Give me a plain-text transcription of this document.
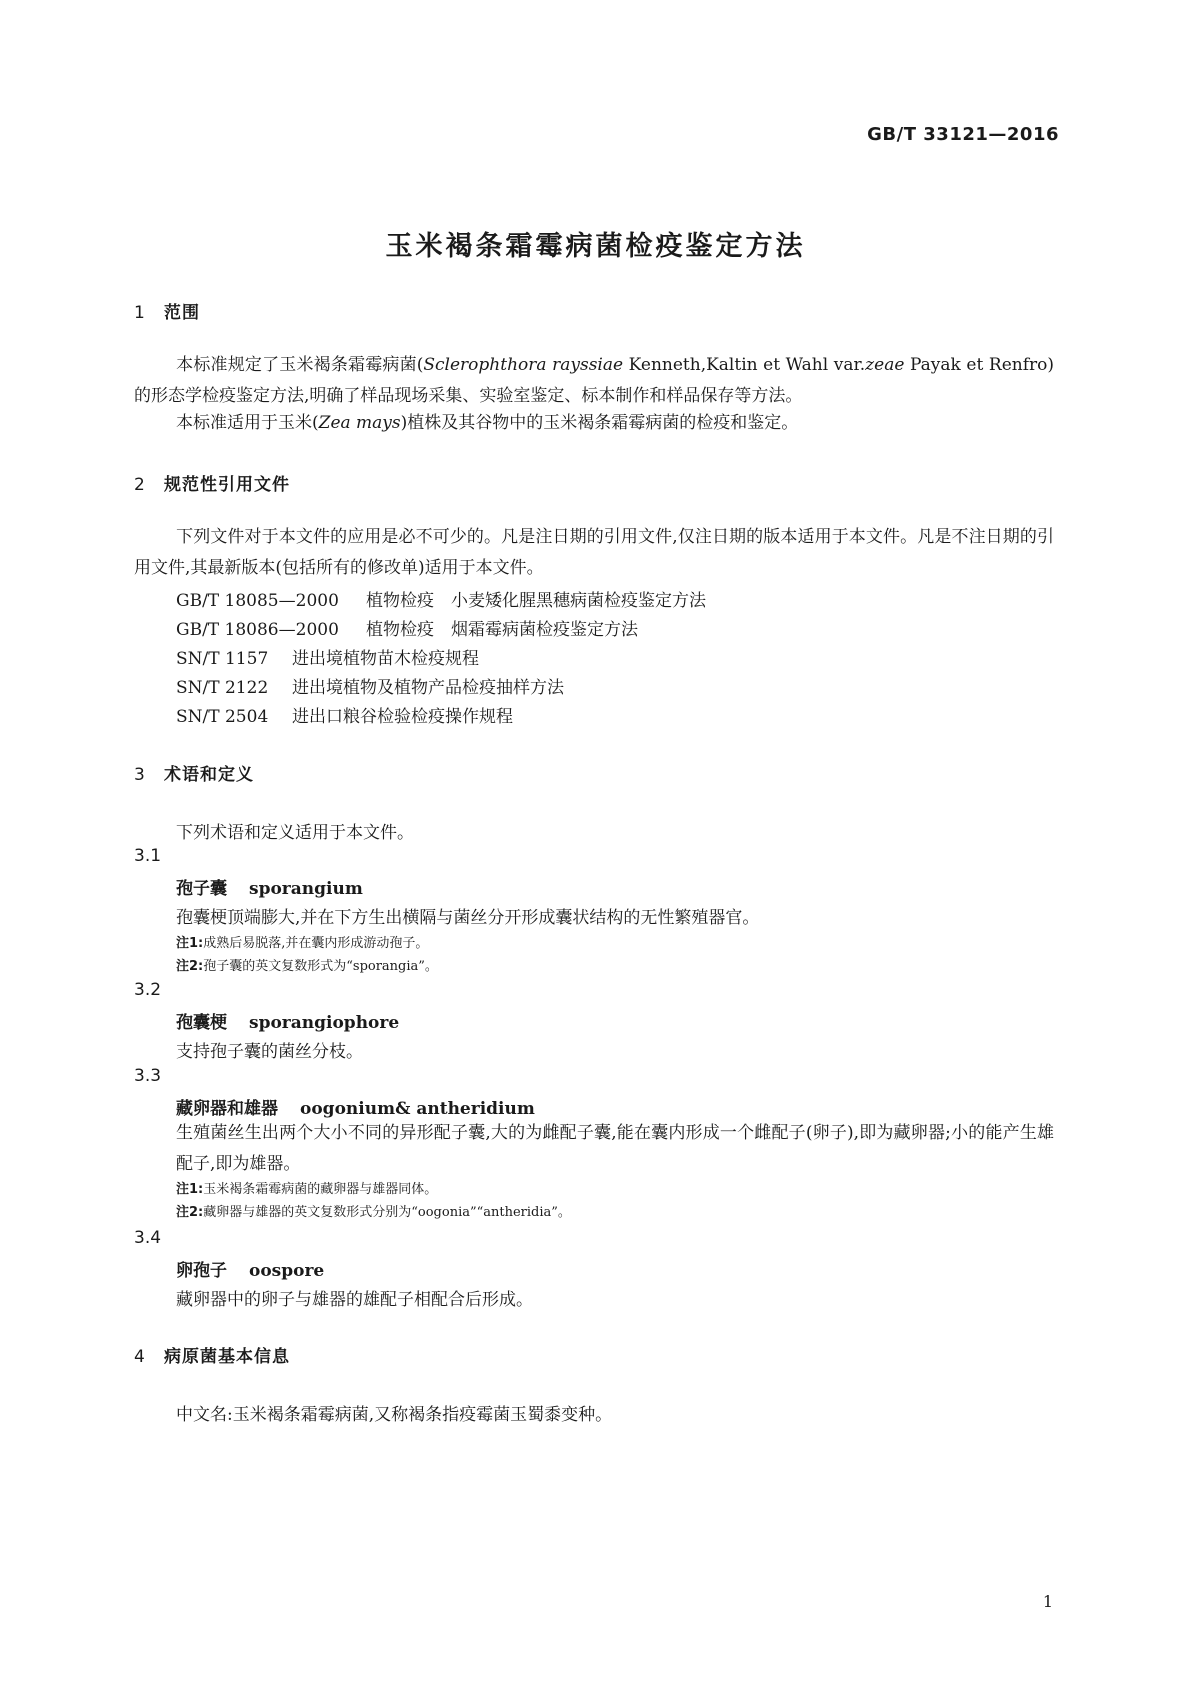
GB/T 33121—2016
玉米褐条霜霉病菌检疫鉴定方法
1 范围
本标准规定了玉米褐条霜霉病菌(Sclerophthora rayssiae Kenneth,Kaltin et Wahl var.zeae Payak et Renfro)的形态学检疫鉴定方法,明确了样品现场采集、实验室鉴定、标本制作和样品保存等方法。
本标准适用于玉米(Zea mays)植株及其谷物中的玉米褐条霜霉病菌的检疫和鉴定。
2 规范性引用文件
下列文件对于本文件的应用是必不可少的。凡是注日期的引用文件,仅注日期的版本适用于本文件。凡是不注日期的引用文件,其最新版本(包括所有的修改单)适用于本文件。
GB/T 18085—2000 植物检疫　小麦矮化腥黑穗病菌检疫鉴定方法
GB/T 18086—2000 植物检疫　烟霜霉病菌检疫鉴定方法
SN/T 1157 进出境植物苗木检疫规程
SN/T 2122 进出境植物及植物产品检疫抽样方法
SN/T 2504 进出口粮谷检验检疫操作规程
3 术语和定义
下列术语和定义适用于本文件。
3.1
孢子囊 sporangium
孢囊梗顶端膨大,并在下方生出横隔与菌丝分开形成囊状结构的无性繁殖器官。
注1:成熟后易脱落,并在囊内形成游动孢子。
注2:孢子囊的英文复数形式为“sporangia”。
3.2
孢囊梗 sporangiophore
支持孢子囊的菌丝分枝。
3.3
藏卵器和雄器 oogonium& antheridium
生殖菌丝生出两个大小不同的异形配子囊,大的为雌配子囊,能在囊内形成一个雌配子(卵子),即为藏卵器;小的能产生雄配子,即为雄器。
注1:玉米褐条霜霉病菌的藏卵器与雄器同体。
注2:藏卵器与雄器的英文复数形式分别为“oogonia”“antheridia”。
3.4
卵孢子 oospore
藏卵器中的卵子与雄器的雄配子相配合后形成。
4 病原菌基本信息
中文名:玉米褐条霜霉病菌,又称褐条指疫霉菌玉蜀黍变种。
1
